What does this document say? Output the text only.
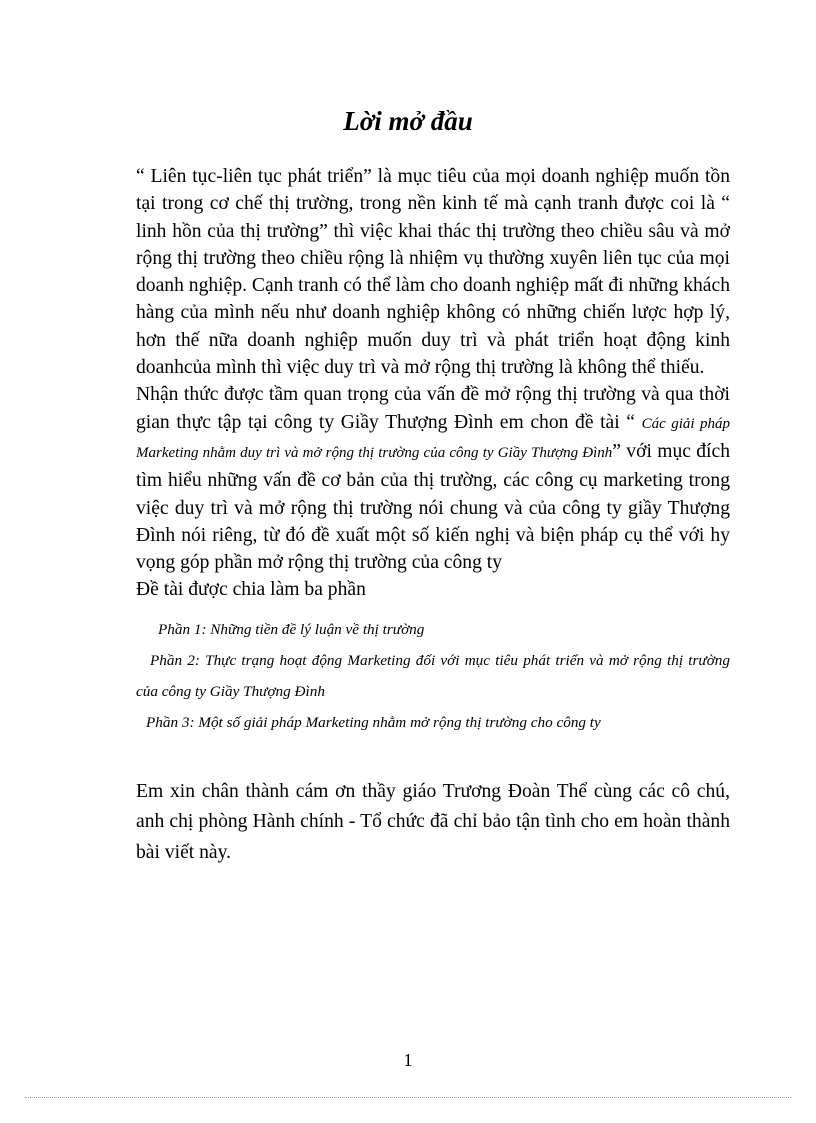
Lời mở đầu

“ Liên tục-liên tục phát triển” là mục tiêu của mọi doanh nghiệp muốn tồn tại trong cơ chế thị trường, trong nền kinh tế mà cạnh tranh được coi là “ linh hồn của thị trường” thì việc khai thác thị trường theo chiều sâu và mở rộng thị trường theo chiều rộng là nhiệm vụ thường xuyên liên tục của mọi doanh nghiệp. Cạnh tranh có thể làm cho doanh nghiệp mất đi những khách hàng của mình nếu như doanh nghiệp không có những chiến lược hợp lý, hơn thế nữa doanh nghiệp muốn duy trì và phát triển hoạt động kinh doanhcủa mình thì việc duy trì và mở rộng thị trường là không thể thiếu.

Nhận thức được tầm quan trọng của vấn đề mở rộng thị trường và qua thời gian thực tập tại công ty Giầy Thượng Đình em chon đề tài “ Các giải pháp Marketing nhằm duy trì và mở rộng thị trường của công ty Giầy Thượng Đình” với mục đích tìm hiểu những vấn đề cơ bản của thị trường, các công cụ marketing trong việc duy trì và mở rộng thị trường nói chung và của công ty giầy Thượng Đình nói riêng, từ đó đề xuất một số kiến nghị và biện pháp cụ thể với hy vọng góp phần mở rộng thị trường của công ty

Đề tài được chia làm ba phần

Phần 1: Những tiền đề lý luận về thị trường

Phần 2: Thực trạng hoạt động Marketing đối với mục tiêu phát triển và mở rộng thị trường của công ty Giầy Thượng Đình

Phần 3: Một số giải pháp Marketing nhằm mở rộng thị trường cho công ty

Em xin chân thành cám ơn thầy giáo Trương Đoàn Thể cùng các cô chú, anh chị phòng Hành chính - Tổ chức đã chỉ bảo tận tình cho em hoàn thành bài viết này.

1
